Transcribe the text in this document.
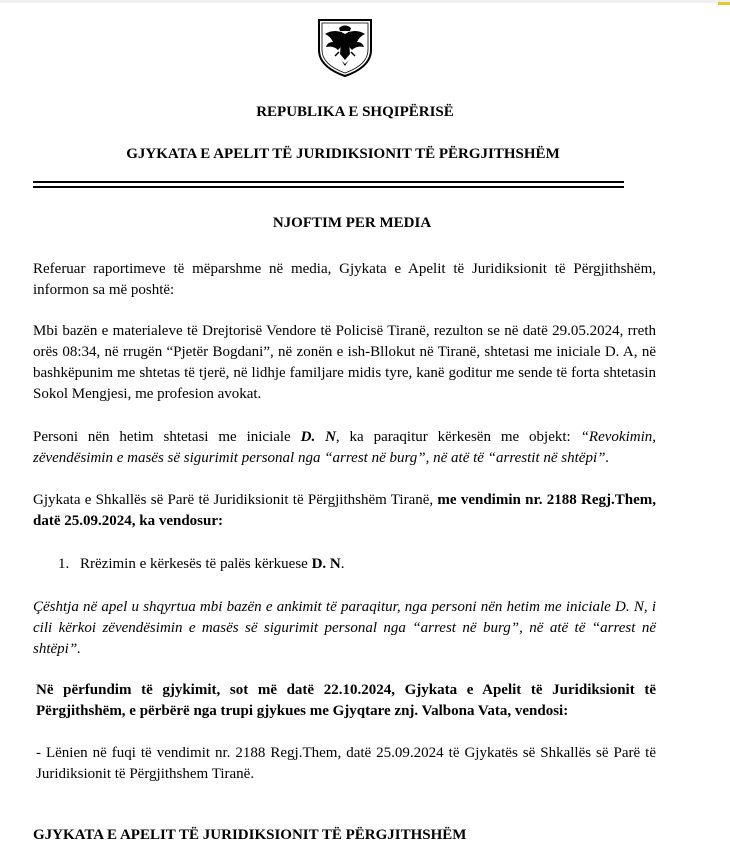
REPUBLIKA E SHQIPËRISË
GJYKATA E APELIT TË JURIDIKSIONIT TË PËRGJITHSHËM
NJOFTIM PER MEDIA
Referuar raportimeve të mëparshme në media, Gjykata e Apelit të Juridiksionit të Përgjithshëm, informon sa më poshtë:
Mbi bazën e materialeve të Drejtorisë Vendore të Policisë Tiranë, rezulton se në datë 29.05.2024, rreth orës 08:34, në rrugën “Pjetër Bogdani”, në zonën e ish-Bllokut në Tiranë, shtetasi me iniciale D. A, në bashkëpunim me shtetas të tjerë, në lidhje familjare midis tyre, kanë goditur me sende të forta shtetasin Sokol Mengjesi, me profesion avokat.
Personi nën hetim shtetasi me iniciale D. N, ka paraqitur kërkesën me objekt: “Revokimin, zëvendësimin e masës së sigurimit personal nga “arrest në burg”, në atë të “arrestit në shtëpi”.
Gjykata e Shkallës së Parë të Juridiksionit të Përgjithshëm Tiranë, me vendimin nr. 2188 Regj.Them, datë 25.09.2024, ka vendosur:
1. Rrëzimin e kërkesës të palës kërkuese D. N.
Çështja në apel u shqyrtua mbi bazën e ankimit të paraqitur, nga personi nën hetim me iniciale D. N, i cili kërkoi zëvendësimin e masës së sigurimit personal nga “arrest në burg”, në atë të “arrest në shtëpi”.
Në përfundim të gjykimit, sot më datë 22.10.2024, Gjykata e Apelit të Juridiksionit të Përgjithshëm, e përbërë nga trupi gjykues me Gjyqtare znj. Valbona Vata, vendosi:
- Lënien në fuqi të vendimit nr. 2188 Regj.Them, datë 25.09.2024 të Gjykatës së Shkallës së Parë të Juridiksionit të Përgjithshem Tiranë.
GJYKATA E APELIT TË JURIDIKSIONIT TË PËRGJITHSHËM
